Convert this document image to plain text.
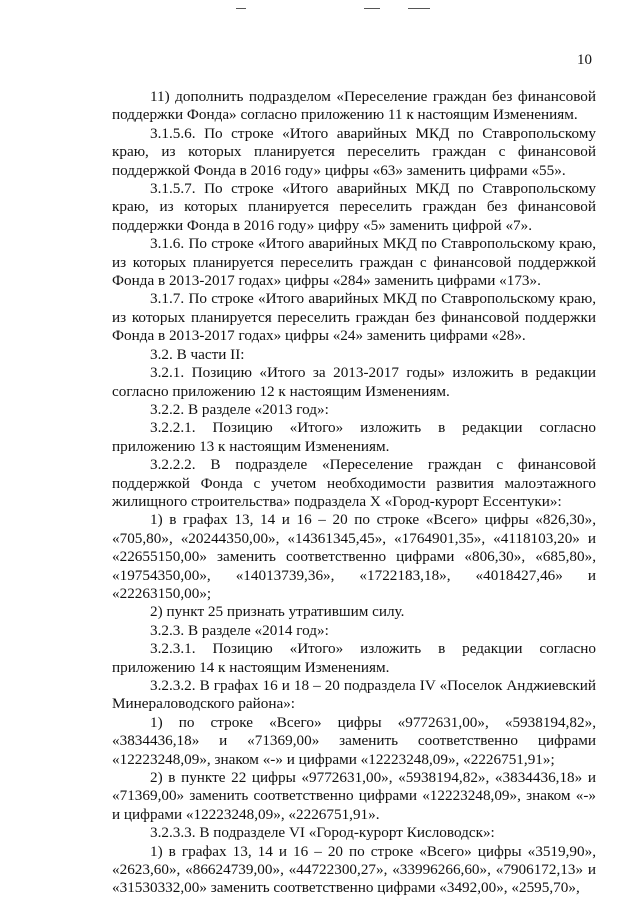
10

11) дополнить подразделом «Переселение граждан без финансовой поддержки Фонда» согласно приложению 11 к настоящим Изменениям.

3.1.5.6. По строке «Итого аварийных МКД по Ставропольскому краю, из которых планируется переселить граждан с финансовой поддержкой Фонда в 2016 году» цифры «63» заменить цифрами «55».

3.1.5.7. По строке «Итого аварийных МКД по Ставропольскому краю, из которых планируется переселить граждан без финансовой поддержки Фонда в 2016 году» цифру «5» заменить цифрой «7».

3.1.6. По строке «Итого аварийных МКД по Ставропольскому краю, из которых планируется переселить граждан с финансовой поддержкой Фонда в 2013-2017 годах» цифры «284» заменить цифрами «173».

3.1.7. По строке «Итого аварийных МКД по Ставропольскому краю, из которых планируется переселить граждан без финансовой поддержки Фонда в 2013-2017 годах» цифры «24» заменить цифрами «28».

3.2. В части II:

3.2.1. Позицию «Итого за 2013-2017 годы» изложить в редакции согласно приложению 12 к настоящим Изменениям.

3.2.2. В разделе «2013 год»:

3.2.2.1. Позицию «Итого» изложить в редакции согласно приложению 13 к настоящим Изменениям.

3.2.2.2. В подразделе «Переселение граждан с финансовой поддержкой Фонда с учетом необходимости развития малоэтажного жилищного строительства» подраздела X «Город-курорт Ессентуки»:

1) в графах 13, 14 и 16 – 20 по строке «Всего» цифры «826,30», «705,80», «20244350,00», «14361345,45», «1764901,35», «4118103,20» и «22655150,00» заменить соответственно цифрами «806,30», «685,80», «19754350,00», «14013739,36», «1722183,18», «4018427,46» и «22263150,00»;

2) пункт 25 признать утратившим силу.

3.2.3. В разделе «2014 год»:

3.2.3.1. Позицию «Итого» изложить в редакции согласно приложению 14 к настоящим Изменениям.

3.2.3.2. В графах 16 и 18 – 20 подраздела IV «Поселок Анджиевский Минераловодского района»:

1) по строке «Всего» цифры «9772631,00», «5938194,82», «3834436,18» и «71369,00» заменить соответственно цифрами «12223248,09», знаком «-» и цифрами «12223248,09», «2226751,91»;

2) в пункте 22 цифры «9772631,00», «5938194,82», «3834436,18» и «71369,00» заменить соответственно цифрами «12223248,09», знаком «-» и цифрами «12223248,09», «2226751,91».

3.2.3.3. В подразделе VI «Город-курорт Кисловодск»:

1) в графах 13, 14 и 16 – 20 по строке «Всего» цифры «3519,90», «2623,60», «86624739,00», «44722300,27», «33996266,60», «7906172,13» и «31530332,00» заменить соответственно цифрами «3492,00», «2595,70»,
